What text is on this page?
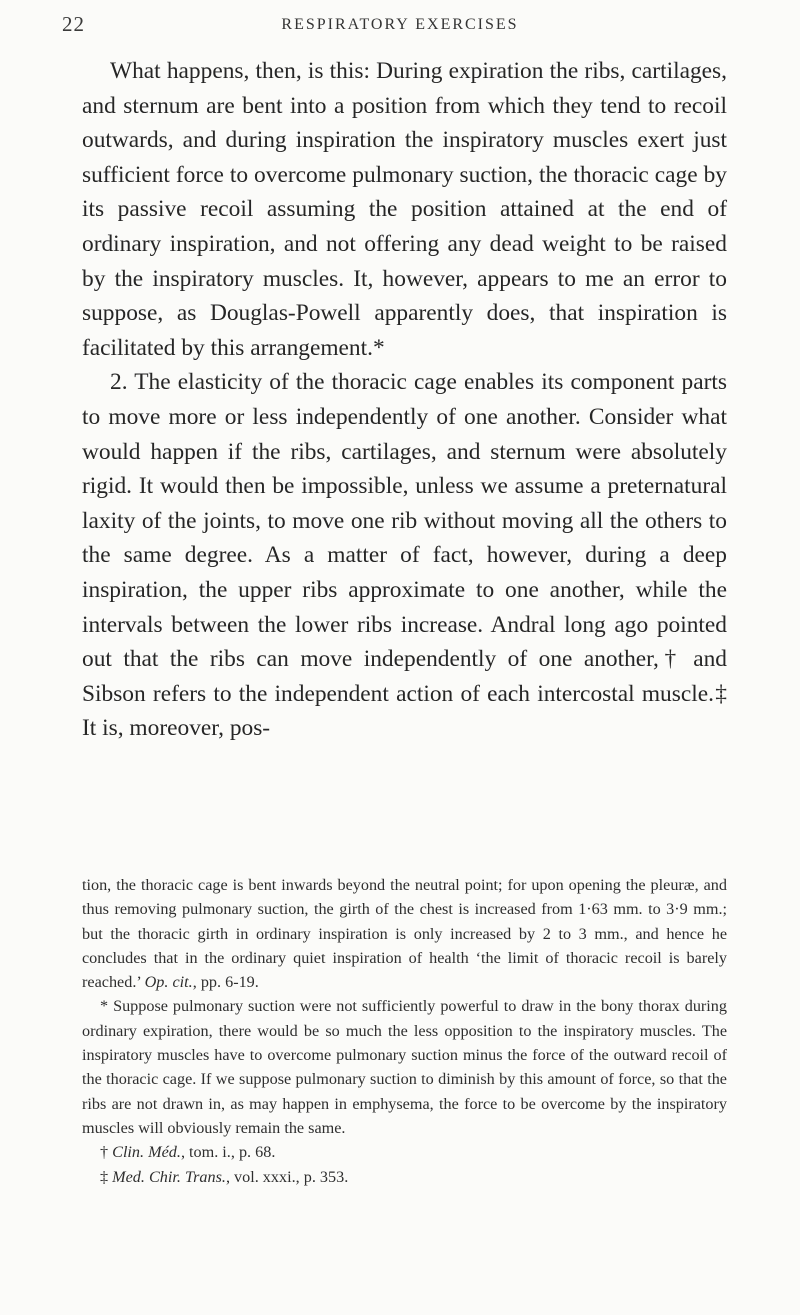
22	RESPIRATORY EXERCISES

What happens, then, is this: During expiration the ribs, cartilages, and sternum are bent into a position from which they tend to recoil outwards, and during inspiration the inspiratory muscles exert just sufficient force to overcome pulmonary suction, the thoracic cage by its passive recoil assuming the position attained at the end of ordinary inspiration, and not offering any dead weight to be raised by the inspiratory muscles. It, however, appears to me an error to suppose, as Douglas-Powell apparently does, that inspiration is facilitated by this arrangement.*

2. The elasticity of the thoracic cage enables its component parts to move more or less independently of one another. Consider what would happen if the ribs, cartilages, and sternum were absolutely rigid. It would then be impossible, unless we assume a preternatural laxity of the joints, to move one rib without moving all the others to the same degree. As a matter of fact, however, during a deep inspiration, the upper ribs approximate to one another, while the intervals between the lower ribs increase. Andral long ago pointed out that the ribs can move independently of one another,† and Sibson refers to the independent action of each intercostal muscle.‡ It is, moreover, pos-

tion, the thoracic cage is bent inwards beyond the neutral point; for upon opening the pleuræ, and thus removing pulmonary suction, the girth of the chest is increased from 1·63 mm. to 3·9 mm.; but the thoracic girth in ordinary inspiration is only increased by 2 to 3 mm., and hence he concludes that in the ordinary quiet inspiration of health ‘the limit of thoracic recoil is barely reached.’ Op. cit., pp. 6-19.

* Suppose pulmonary suction were not sufficiently powerful to draw in the bony thorax during ordinary expiration, there would be so much the less opposition to the inspiratory muscles. The inspiratory muscles have to overcome pulmonary suction minus the force of the outward recoil of the thoracic cage. If we suppose pulmonary suction to diminish by this amount of force, so that the ribs are not drawn in, as may happen in emphysema, the force to be overcome by the inspiratory muscles will obviously remain the same.

† Clin. Méd., tom. i., p. 68.

‡ Med. Chir. Trans., vol. xxxi., p. 353.
